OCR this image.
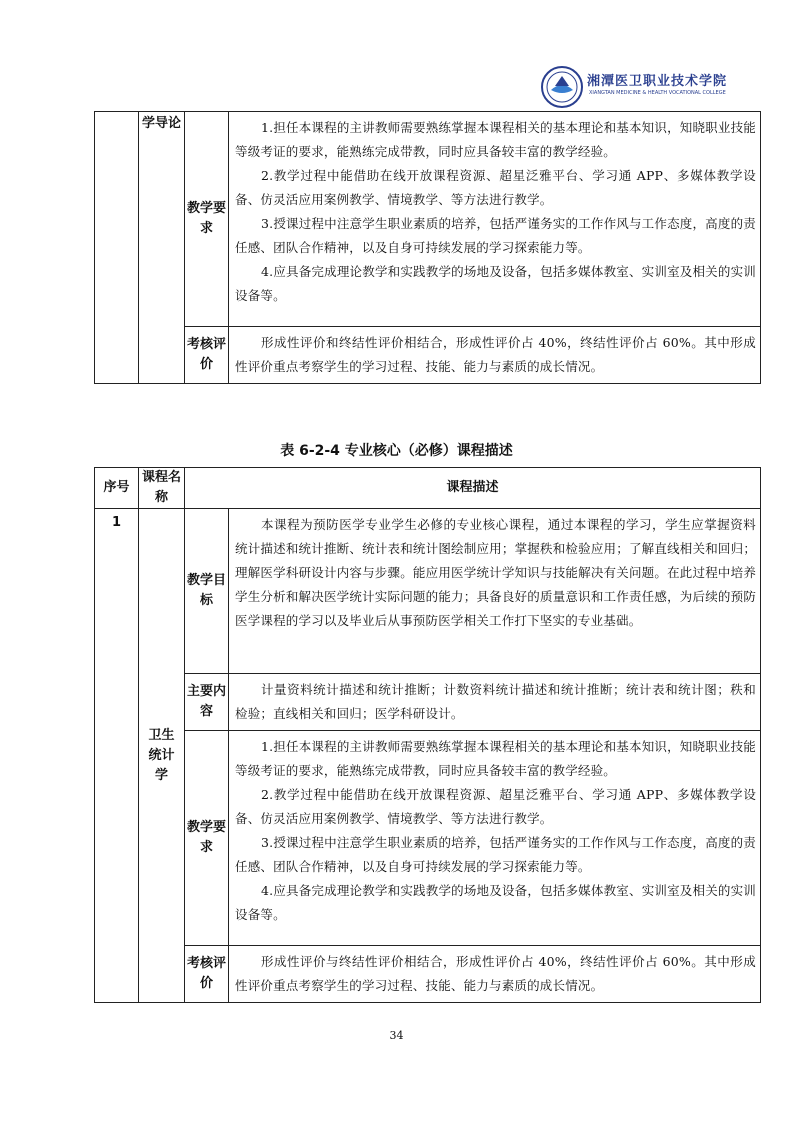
湘潭医卫职业技术学院
XIANGTAN MEDICINE & HEALTH VOCATIONAL COLLEGE
	学导论	教学要求	1.担任本课程的主讲教师需要熟练掌握本课程相关的基本理论和基本知识，知晓职业技能等级考证的要求，能熟练完成带教，同时应具备较丰富的教学经验。

2.教学过程中能借助在线开放课程资源、超星泛雅平台、学习通 APP、多媒体教学设备、仿灵活应用案例教学、情境教学、等方法进行教学。

3.授课过程中注意学生职业素质的培养，包括严谨务实的工作作风与工作态度，高度的责任感、团队合作精神，以及自身可持续发展的学习探索能力等。

4.应具备完成理论教学和实践教学的场地及设备，包括多媒体教室、实训室及相关的实训设备等。

		考核评价	形成性评价和终结性评价相结合，形成性评价占 40%，终结性评价占 60%。其中形成性评价重点考察学生的学习过程、技能、能力与素质的成长情况。

表 6-2-4 专业核心（必修）课程描述
序号	课程名称	课程描述	
1	卫生统计学	教学目标	本课程为预防医学专业学生必修的专业核心课程，通过本课程的学习，学生应掌握资料统计描述和统计推断、统计表和统计图绘制应用；掌握秩和检验应用；了解直线相关和回归；理解医学科研设计内容与步骤。能应用医学统计学知识与技能解决有关问题。在此过程中培养学生分析和解决医学统计实际问题的能力；具备良好的质量意识和工作责任感，为后续的预防医学课程的学习以及毕业后从事预防医学相关工作打下坚实的专业基础。

		主要内容	计量资料统计描述和统计推断；计数资料统计描述和统计推断；统计表和统计图；秩和检验；直线相关和回归；医学科研设计。

		教学要求	1.担任本课程的主讲教师需要熟练掌握本课程相关的基本理论和基本知识，知晓职业技能等级考证的要求，能熟练完成带教，同时应具备较丰富的教学经验。

2.教学过程中能借助在线开放课程资源、超星泛雅平台、学习通 APP、多媒体教学设备、仿灵活应用案例教学、情境教学、等方法进行教学。

3.授课过程中注意学生职业素质的培养，包括严谨务实的工作作风与工作态度，高度的责任感、团队合作精神，以及自身可持续发展的学习探索能力等。

4.应具备完成理论教学和实践教学的场地及设备，包括多媒体教室、实训室及相关的实训设备等。

		考核评价	形成性评价与终结性评价相结合，形成性评价占 40%，终结性评价占 60%。其中形成性评价重点考察学生的学习过程、技能、能力与素质的成长情况。

34
